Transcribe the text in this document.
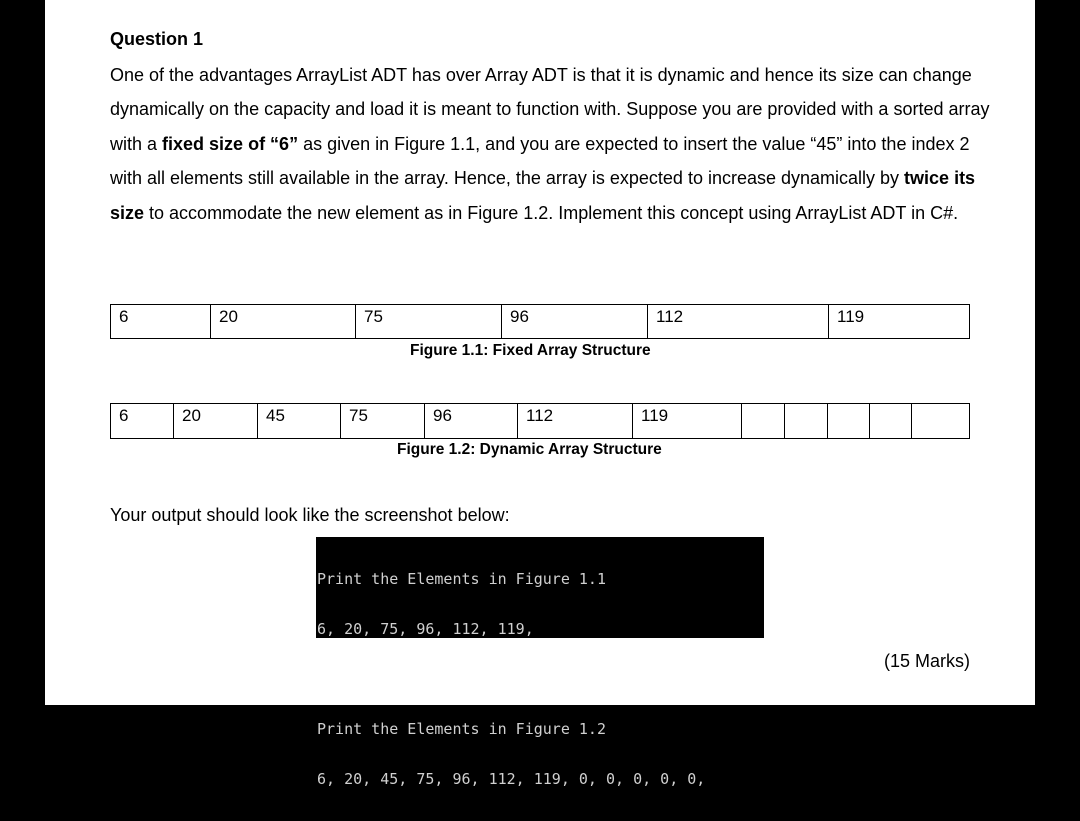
Question 1
One of the advantages ArrayList ADT has over Array ADT is that it is dynamic and hence its size can change dynamically on the capacity and load it is meant to function with. Suppose you are provided with a sorted array with a fixed size of “6” as given in Figure 1.1, and you are expected to insert the value “45” into the index 2 with all elements still available in the array. Hence, the array is expected to increase dynamically by twice its size to accommodate the new element as in Figure 1.2. Implement this concept using ArrayList ADT in C#.
6	20	75	96	112	119
Figure 1.1: Fixed Array Structure
6	20	45	75	96	112	119					
Figure 1.2: Dynamic Array Structure
Your output should look like the screenshot below:

Print the Elements in Figure 1.1

6, 20, 75, 96, 112, 119,

Print the Elements in Figure 1.2

6, 20, 45, 75, 96, 112, 119, 0, 0, 0, 0, 0,

(15 Marks)
